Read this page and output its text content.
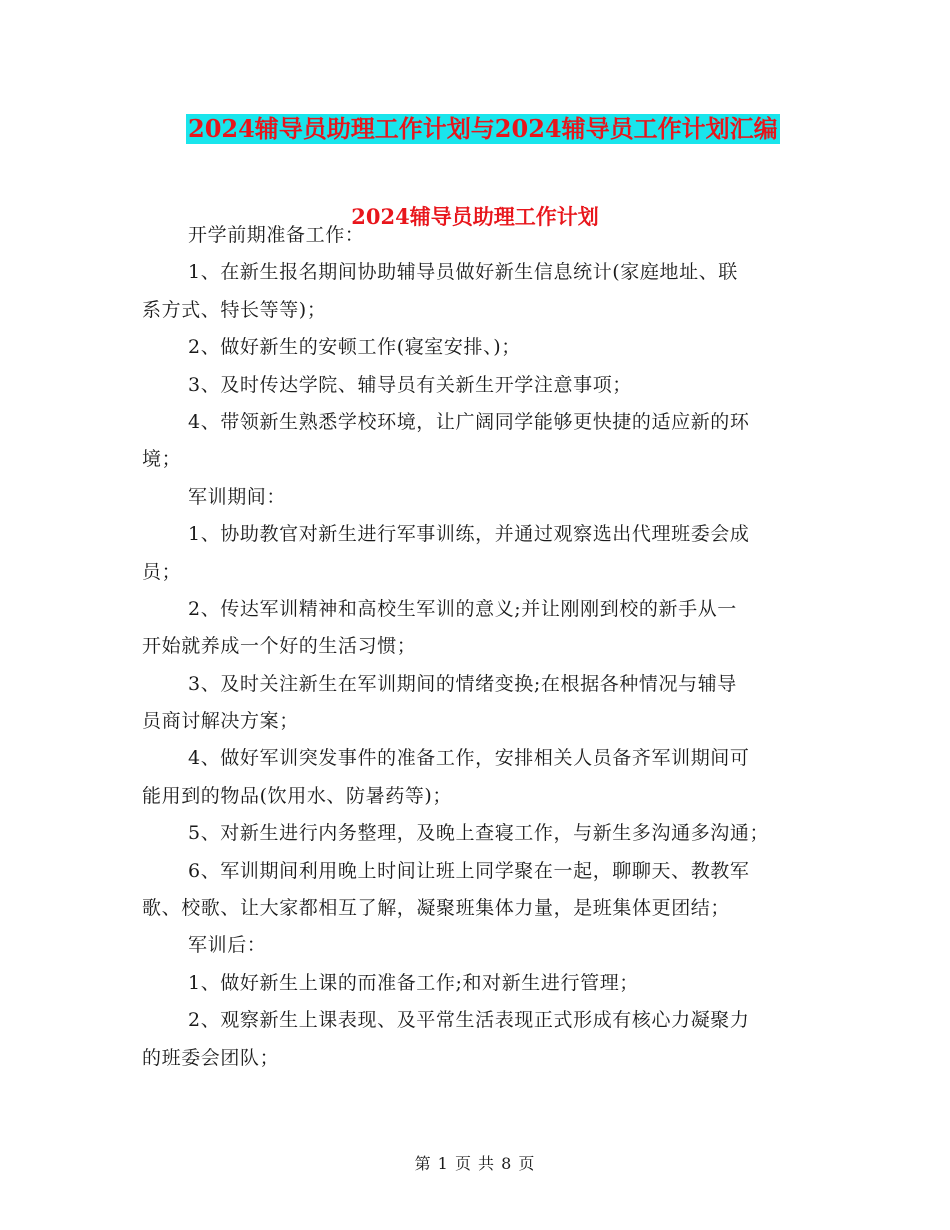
2024辅导员助理工作计划与2024辅导员工作计划汇编
2024辅导员助理工作计划
开学前期准备工作：
1、在新生报名期间协助辅导员做好新生信息统计(家庭地址、联
系方式、特长等等)；
2、做好新生的安顿工作(寝室安排、)；
3、及时传达学院、辅导员有关新生开学注意事项；
4、带领新生熟悉学校环境，让广阔同学能够更快捷的适应新的环
境；
军训期间：
1、协助教官对新生进行军事训练，并通过观察选出代理班委会成
员；
2、传达军训精神和高校生军训的意义;并让刚刚到校的新手从一
开始就养成一个好的生活习惯；
3、及时关注新生在军训期间的情绪变换;在根据各种情况与辅导
员商讨解决方案；
4、做好军训突发事件的准备工作，安排相关人员备齐军训期间可
能用到的物品(饮用水、防暑药等)；
5、对新生进行内务整理，及晚上查寝工作，与新生多沟通多沟通；
6、军训期间利用晚上时间让班上同学聚在一起，聊聊天、教教军
歌、校歌、让大家都相互了解，凝聚班集体力量，是班集体更团结；
军训后：
1、做好新生上课的而准备工作;和对新生进行管理；
2、观察新生上课表现、及平常生活表现正式形成有核心力凝聚力
的班委会团队；
第 1 页 共 8 页
